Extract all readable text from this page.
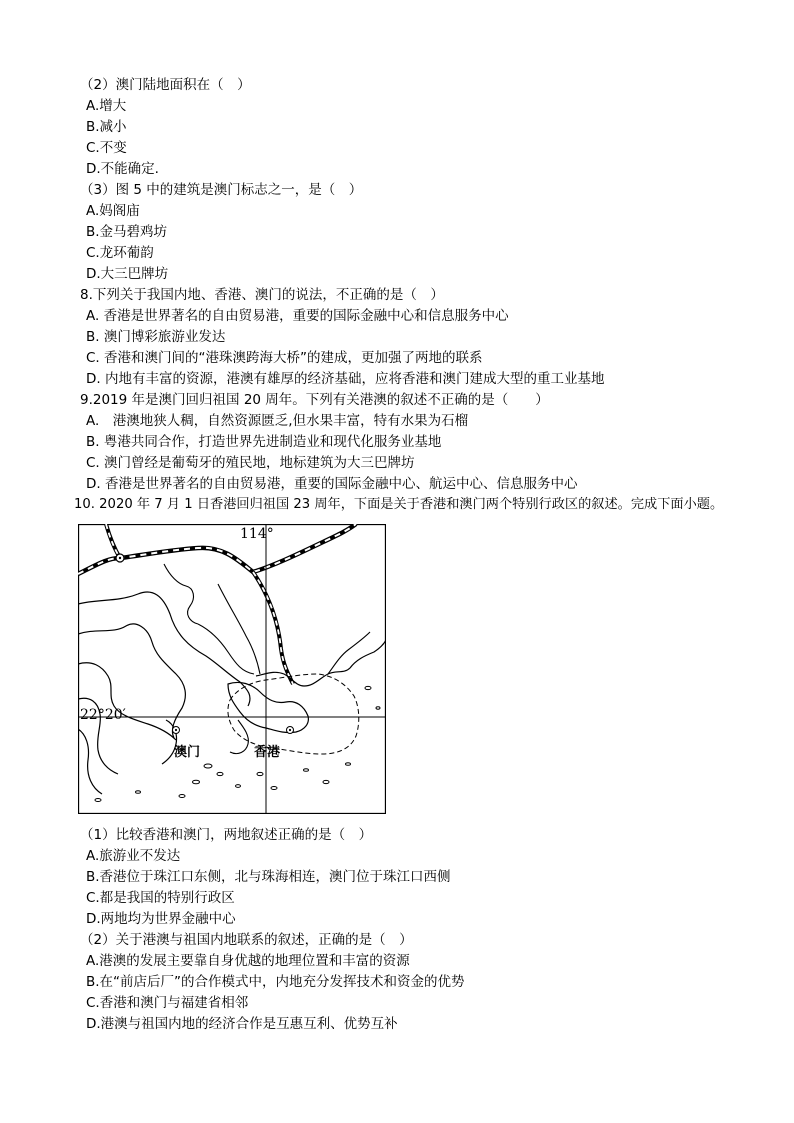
（2）澳门陆地面积在（　）
A.增大
B.减小
C.不变
D.不能确定.
（3）图 5 中的建筑是澳门标志之一，是（　）
A.妈阁庙
B.金马碧鸡坊
C.龙环葡韵
D.大三巴牌坊
8.下列关于我国内地、香港、澳门的说法，不正确的是（　）
A. 香港是世界著名的自由贸易港，重要的国际金融中心和信息服务中心
B. 澳门博彩旅游业发达
C. 香港和澳门间的“港珠澳跨海大桥”的建成，更加强了两地的联系
D. 内地有丰富的资源，港澳有雄厚的经济基础，应将香港和澳门建成大型的重工业基地
9.2019 年是澳门回归祖国 20 周年。下列有关港澳的叙述不正确的是（　　）
A.　港澳地狭人稠，自然资源匮乏,但水果丰富，特有水果为石榴
B. 粤港共同合作，打造世界先进制造业和现代化服务业基地
C. 澳门曾经是葡萄牙的殖民地，地标建筑为大三巴牌坊
D. 香港是世界著名的自由贸易港，重要的国际金融中心、航运中心、信息服务中心
10. 2020 年 7 月 1 日香港回归祖国 23 周年，下面是关于香港和澳门两个特别行政区的叙述。完成下面小题。
114°
22°20′
澳门	香港
（1）比较香港和澳门，两地叙述正确的是（　）
A.旅游业不发达
B.香港位于珠江口东侧，北与珠海相连，澳门位于珠江口西侧
C.都是我国的特别行政区
D.两地均为世界金融中心
（2）关于港澳与祖国内地联系的叙述，正确的是（　）
A.港澳的发展主要靠自身优越的地理位置和丰富的资源
B.在“前店后厂”的合作模式中，内地充分发挥技术和资金的优势
C.香港和澳门与福建省相邻
D.港澳与祖国内地的经济合作是互惠互利、优势互补
